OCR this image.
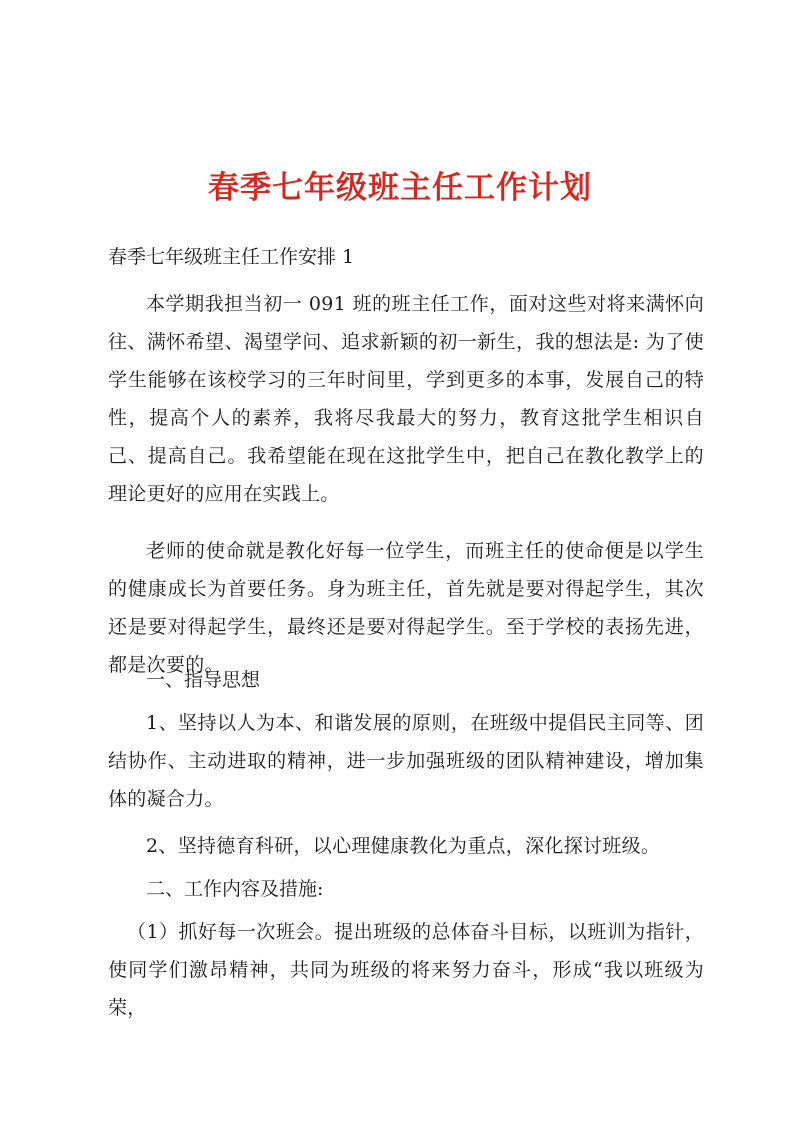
春季七年级班主任工作计划
春季七年级班主任工作安排 1
本学期我担当初一 091 班的班主任工作，面对这些对将来满怀向往、满怀希望、渴望学问、追求新颖的初一新生，我的想法是: 为了使学生能够在该校学习的三年时间里，学到更多的本事，发展自己的特性，提高个人的素养，我将尽我最大的努力，教育这批学生相识自己、提高自己。我希望能在现在这批学生中，把自己在教化教学上的理论更好的应用在实践上。
老师的使命就是教化好每一位学生，而班主任的使命便是以学生的健康成长为首要任务。身为班主任，首先就是要对得起学生，其次还是要对得起学生，最终还是要对得起学生。至于学校的表扬先进，都是次要的。
一、指导思想
1、坚持以人为本、和谐发展的原则，在班级中提倡民主同等、团结协作、主动进取的精神，进一步加强班级的团队精神建设，增加集体的凝合力。
2、坚持德育科研，以心理健康教化为重点，深化探讨班级。
二、工作内容及措施:
（1）抓好每一次班会。提出班级的总体奋斗目标，以班训为指针，使同学们激昂精神，共同为班级的将来努力奋斗，形成“我以班级为荣，
